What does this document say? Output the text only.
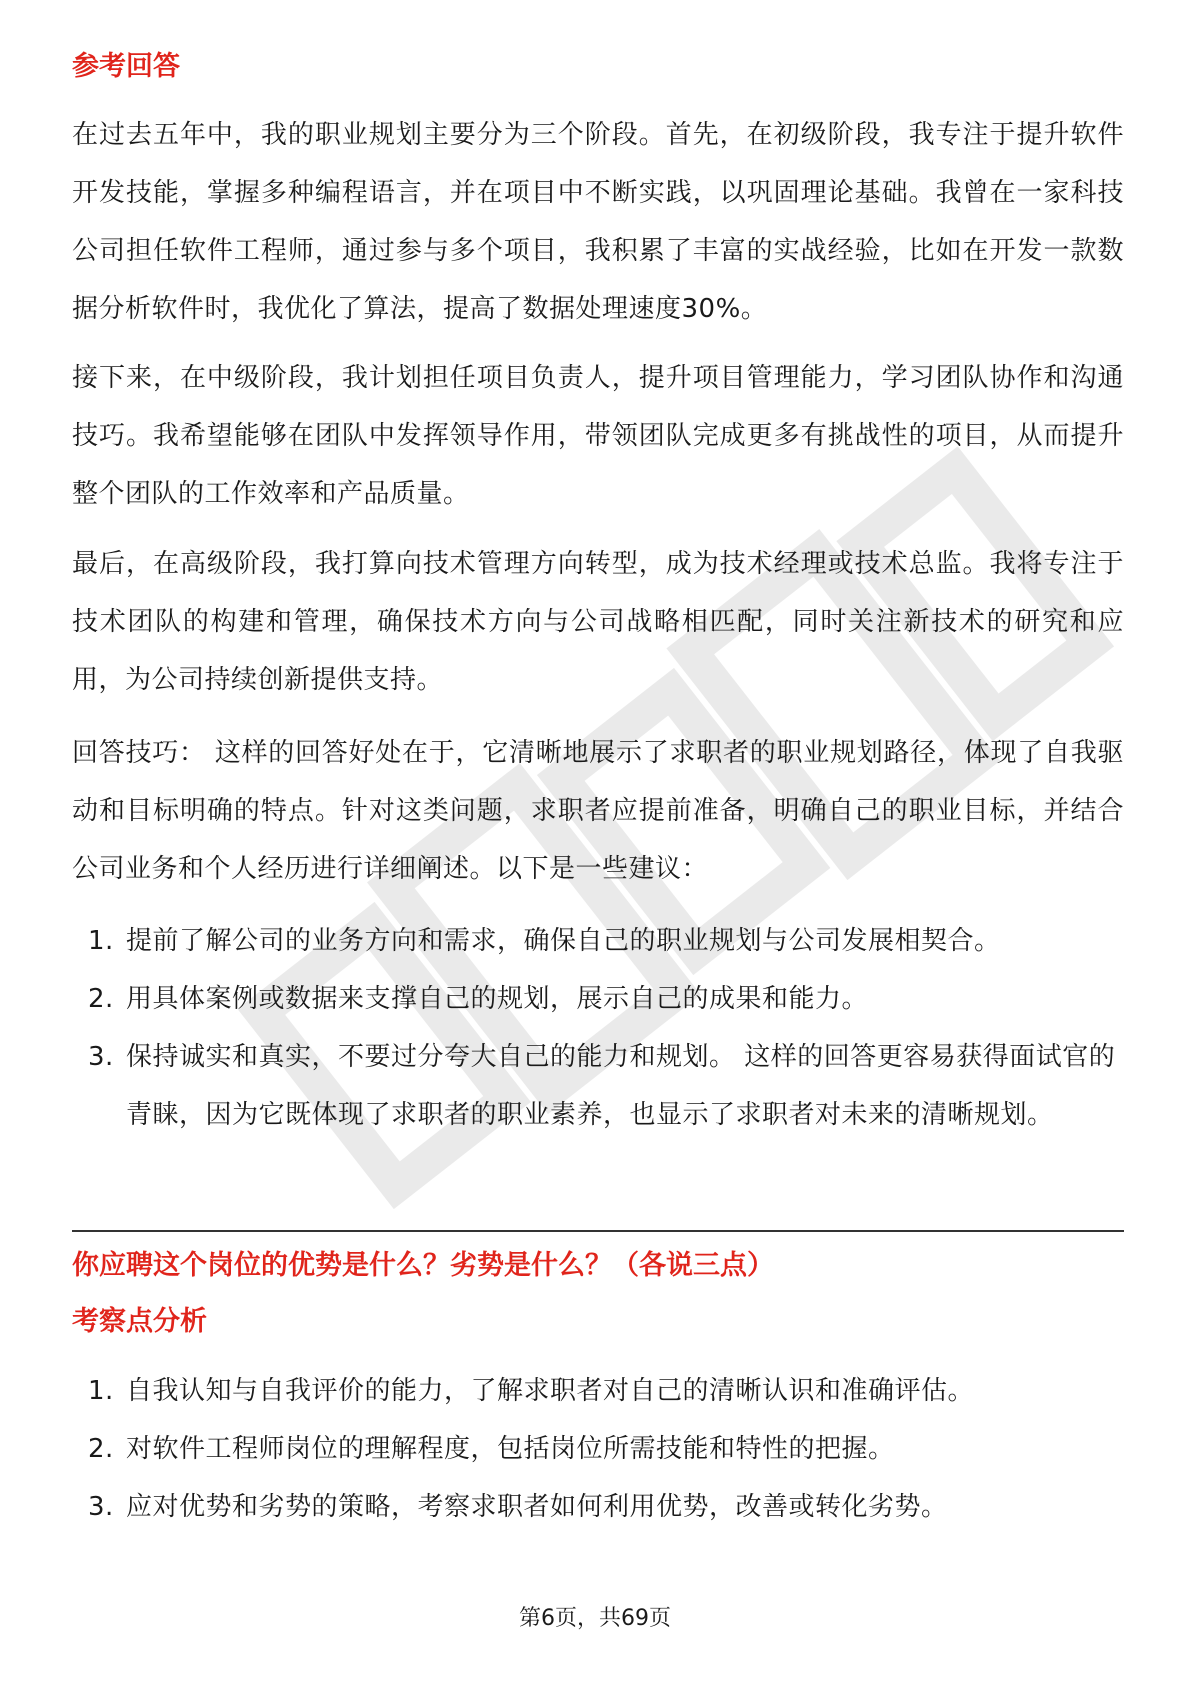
参考回答

在过去五年中，我的职业规划主要分为三个阶段。首先，在初级阶段，我专注于提升软件开发技能，掌握多种编程语言，并在项目中不断实践，以巩固理论基础。我曾在一家科技公司担任软件工程师，通过参与多个项目，我积累了丰富的实战经验，比如在开发一款数据分析软件时，我优化了算法，提高了数据处理速度30%。

接下来，在中级阶段，我计划担任项目负责人，提升项目管理能力，学习团队协作和沟通技巧。我希望能够在团队中发挥领导作用，带领团队完成更多有挑战性的项目，从而提升整个团队的工作效率和产品质量。

最后，在高级阶段，我打算向技术管理方向转型，成为技术经理或技术总监。我将专注于技术团队的构建和管理，确保技术方向与公司战略相匹配，同时关注新技术的研究和应用，为公司持续创新提供支持。

回答技巧： 这样的回答好处在于，它清晰地展示了求职者的职业规划路径，体现了自我驱动和目标明确的特点。针对这类问题，求职者应提前准备，明确自己的职业目标，并结合公司业务和个人经历进行详细阐述。以下是一些建议：

1. 提前了解公司的业务方向和需求，确保自己的职业规划与公司发展相契合。
2. 用具体案例或数据来支撑自己的规划，展示自己的成果和能力。
3. 保持诚实和真实，不要过分夸大自己的能力和规划。 这样的回答更容易获得面试官的青睐，因为它既体现了求职者的职业素养，也显示了求职者对未来的清晰规划。
你应聘这个岗位的优势是什么？劣势是什么？（各说三点）
考察点分析
1. 自我认知与自我评价的能力，了解求职者对自己的清晰认识和准确评估。
2. 对软件工程师岗位的理解程度，包括岗位所需技能和特性的把握。
3. 应对优势和劣势的策略，考察求职者如何利用优势，改善或转化劣势。
第6页，共69页
